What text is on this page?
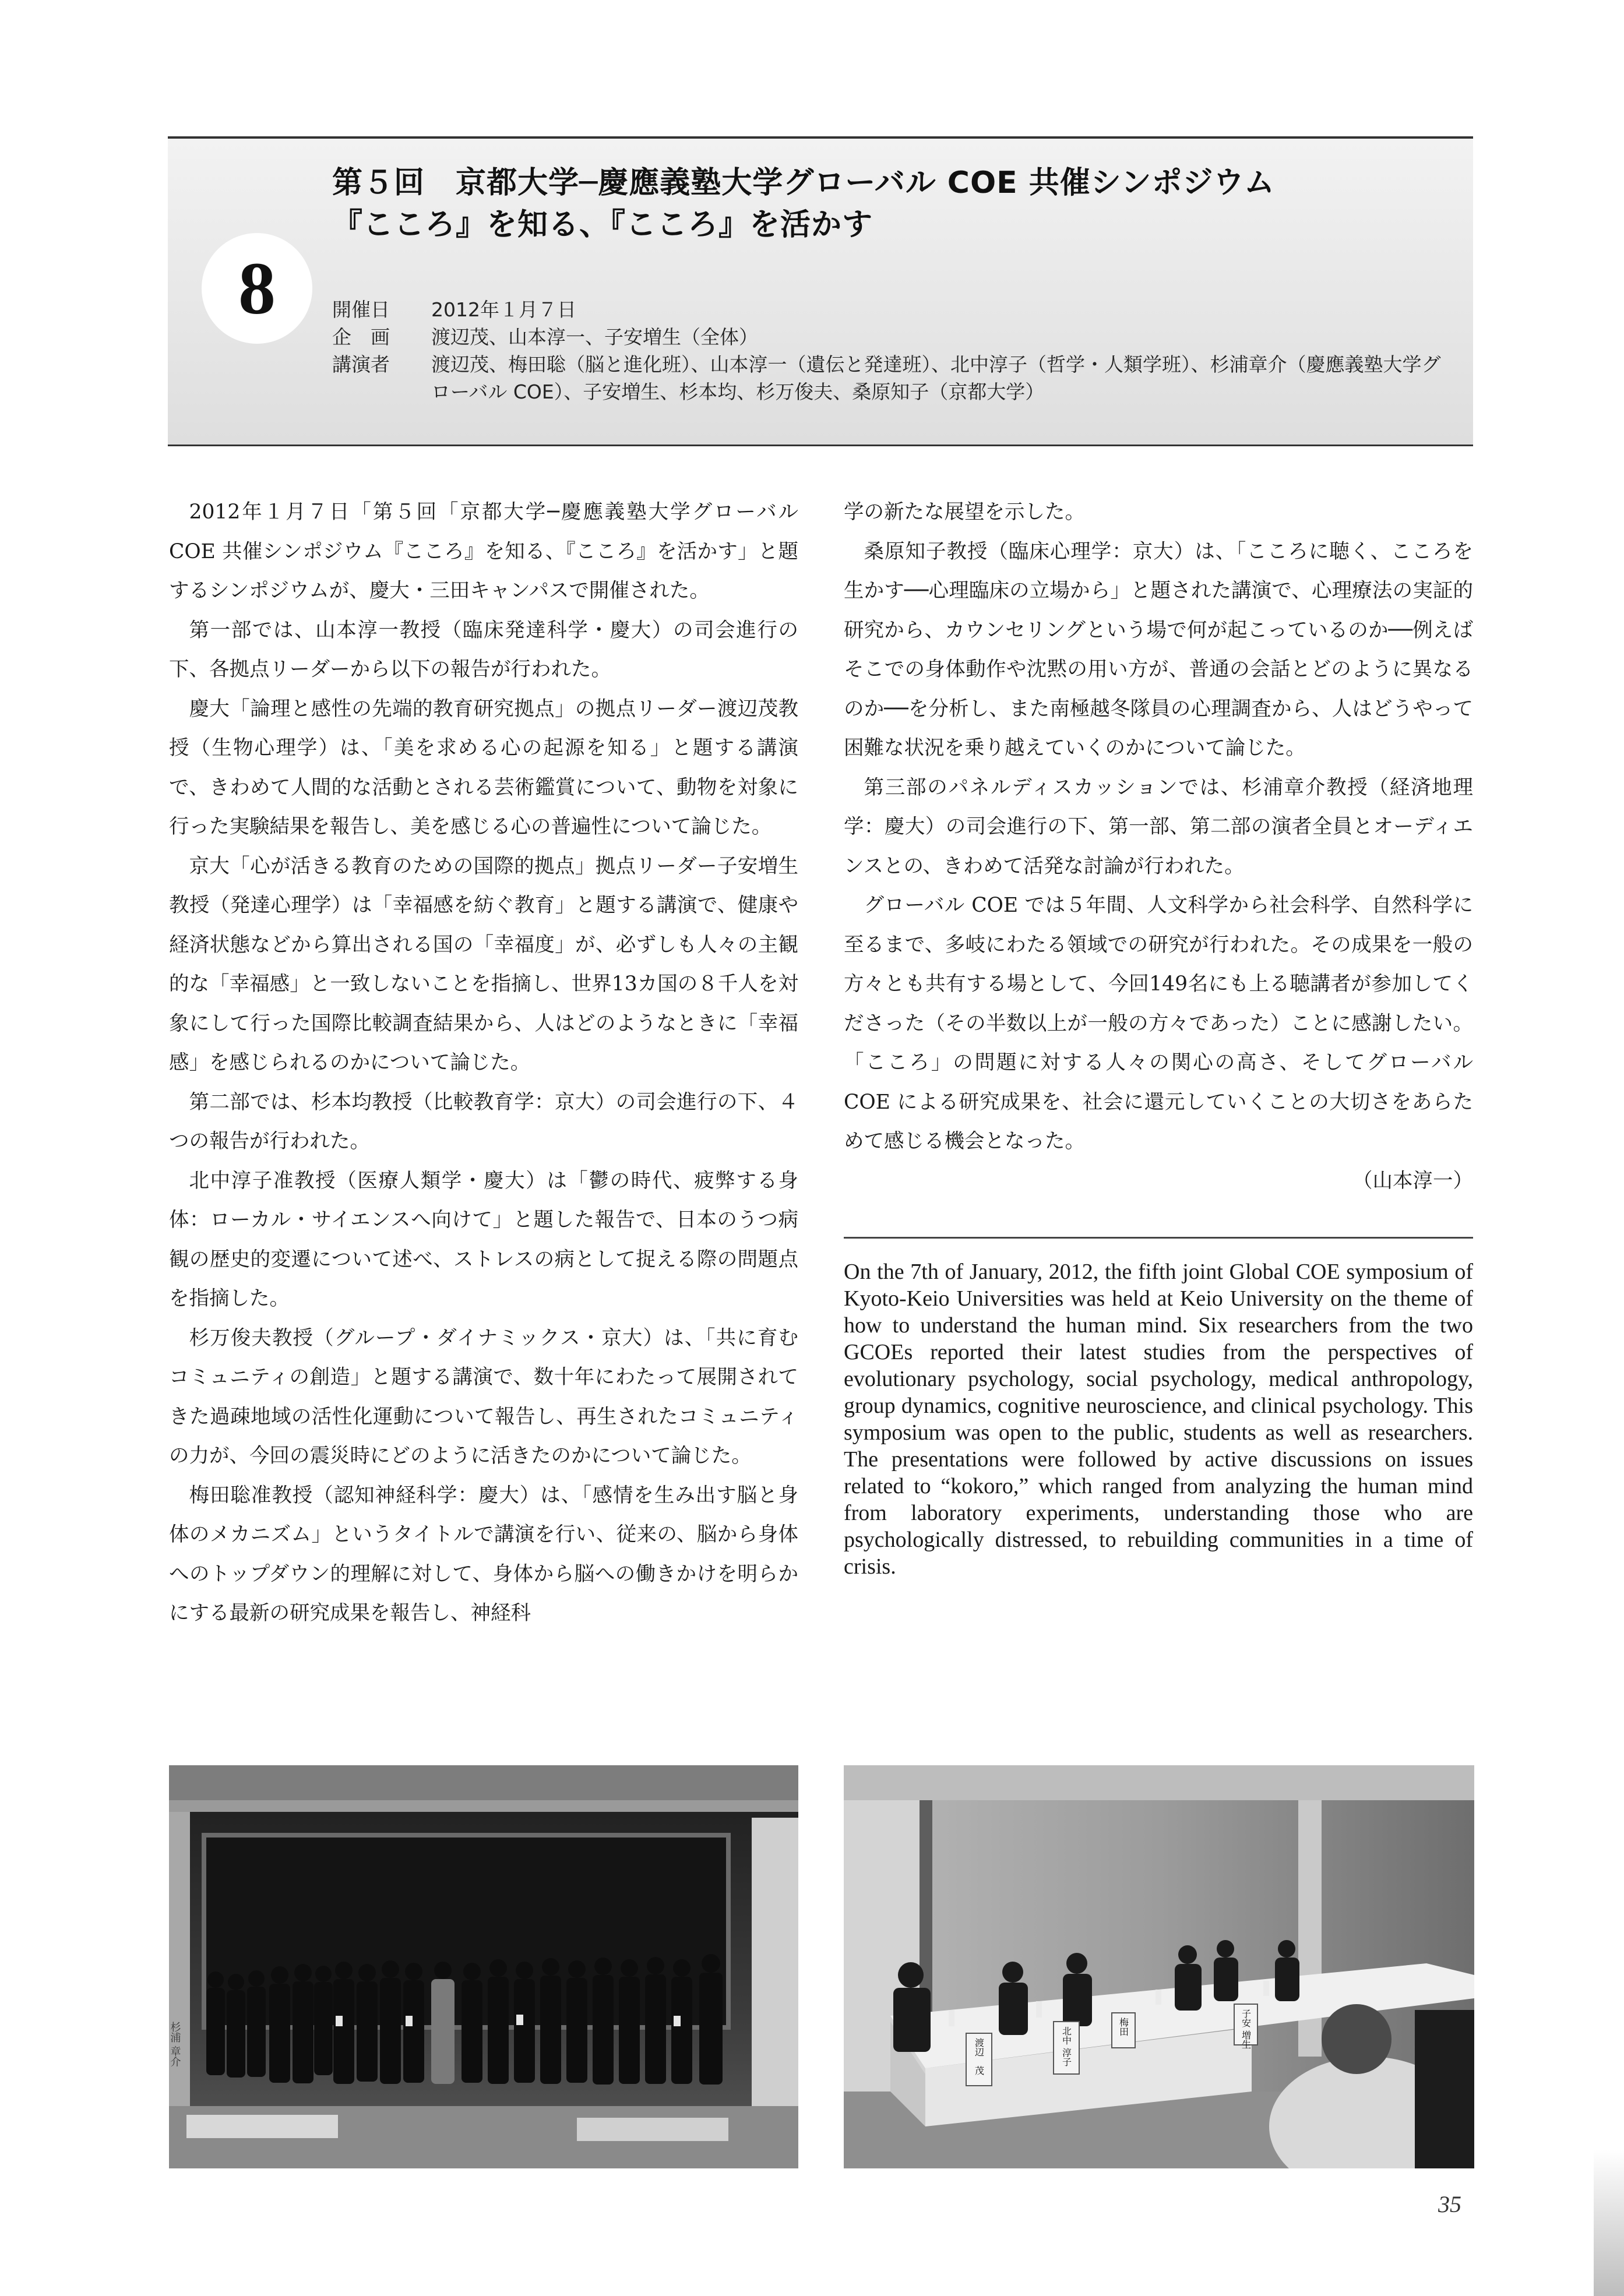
8
第５回　京都大学─慶應義塾大学グローバル COE 共催シンポジウム
『こころ』を知る、『こころ』を活かす
開催日	2012年１月７日
企　画	渡辺茂、山本淳一、子安増生（全体）
講演者	渡辺茂、梅田聡（脳と進化班）、山本淳一（遺伝と発達班）、北中淳子（哲学・人類学班）、杉浦章介（慶應義塾大学グローバル COE）、子安増生、杉本均、杉万俊夫、桑原知子（京都大学）

2012年１月７日「第５回「京都大学─慶應義塾大学グローバル COE 共催シンポジウム『こころ』を知る、『こころ』を活かす」と題するシンポジウムが、慶大・三田キャンパスで開催された。

第一部では、山本淳一教授（臨床発達科学・慶大）の司会進行の下、各拠点リーダーから以下の報告が行われた。

慶大「論理と感性の先端的教育研究拠点」の拠点リーダー渡辺茂教授（生物心理学）は、「美を求める心の起源を知る」と題する講演で、きわめて人間的な活動とされる芸術鑑賞について、動物を対象に行った実験結果を報告し、美を感じる心の普遍性について論じた。

京大「心が活きる教育のための国際的拠点」拠点リーダー子安増生教授（発達心理学）は「幸福感を紡ぐ教育」と題する講演で、健康や経済状態などから算出される国の「幸福度」が、必ずしも人々の主観的な「幸福感」と一致しないことを指摘し、世界13カ国の８千人を対象にして行った国際比較調査結果から、人はどのようなときに「幸福感」を感じられるのかについて論じた。

第二部では、杉本均教授（比較教育学：京大）の司会進行の下、４つの報告が行われた。

北中淳子准教授（医療人類学・慶大）は「鬱の時代、疲弊する身体：ローカル・サイエンスへ向けて」と題した報告で、日本のうつ病観の歴史的変遷について述べ、ストレスの病として捉える際の問題点を指摘した。

杉万俊夫教授（グループ・ダイナミックス・京大）は、「共に育むコミュニティの創造」と題する講演で、数十年にわたって展開されてきた過疎地域の活性化運動について報告し、再生されたコミュニティの力が、今回の震災時にどのように活きたのかについて論じた。

梅田聡准教授（認知神経科学：慶大）は、「感情を生み出す脳と身体のメカニズム」というタイトルで講演を行い、従来の、脳から身体へのトップダウン的理解に対して、身体から脳への働きかけを明らかにする最新の研究成果を報告し、神経科

学の新たな展望を示した。

桑原知子教授（臨床心理学：京大）は、「こころに聴く、こころを生かす──心理臨床の立場から」と題された講演で、心理療法の実証的研究から、カウンセリングという場で何が起こっているのか──例えばそこでの身体動作や沈黙の用い方が、普通の会話とどのように異なるのか──を分析し、また南極越冬隊員の心理調査から、人はどうやって困難な状況を乗り越えていくのかについて論じた。

第三部のパネルディスカッションでは、杉浦章介教授（経済地理学：慶大）の司会進行の下、第一部、第二部の演者全員とオーディエンスとの、きわめて活発な討論が行われた。

グローバル COE では５年間、人文科学から社会科学、自然科学に至るまで、多岐にわたる領域での研究が行われた。その成果を一般の方々とも共有する場として、今回149名にも上る聴講者が参加してくださった（その半数以上が一般の方々であった）ことに感謝したい。「こころ」の問題に対する人々の関心の高さ、そしてグローバル COE による研究成果を、社会に還元していくことの大切さをあらためて感じる機会となった。

（山本淳一）
On the 7th of January, 2012, the fifth joint Global COE symposium of Kyoto-Keio Universities was held at Keio University on the theme of how to understand the human mind. Six researchers from the two GCOEs reported their latest studies from the perspectives of evolutionary psychology, social psychology, medical anthropology, group dynamics, cognitive neuroscience, and clinical psychology. This symposium was open to the public, students as well as researchers. The presentations were followed by active discussions on issues related to “kokoro,” which ranged from analyzing the human mind from laboratory experiments, understanding those who are psychologically distressed, to rebuilding communities in a time of crisis.
杉浦 章介	渡辺　茂	北中 淳子	梅田	子安 増生
35
